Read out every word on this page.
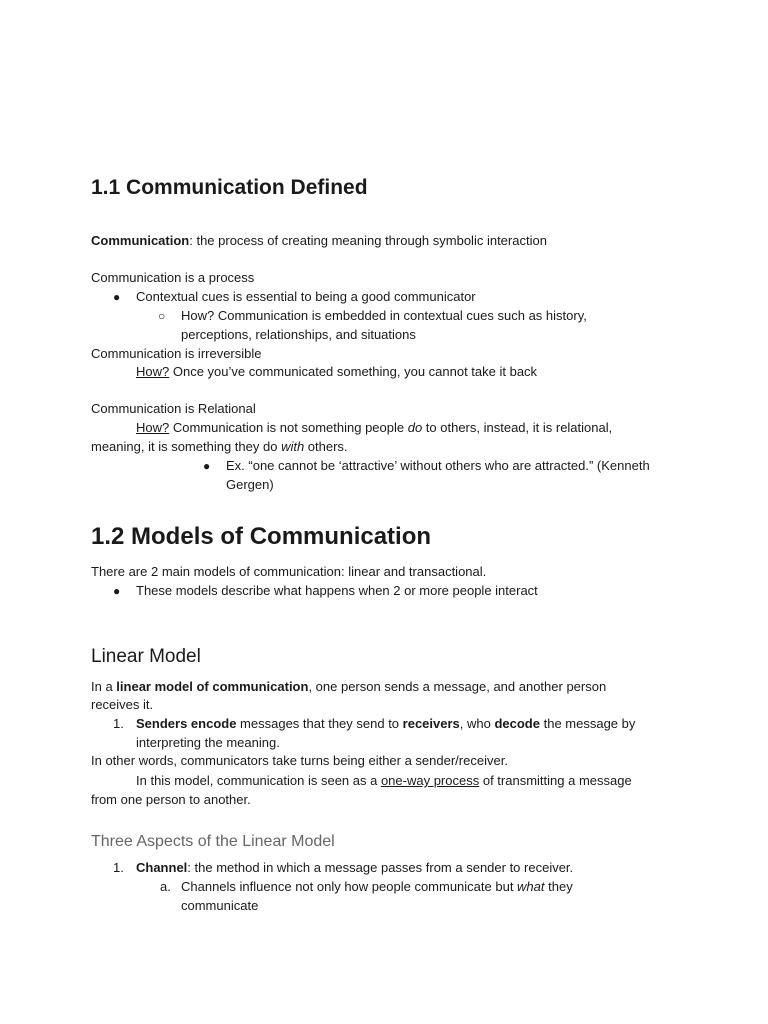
1.1 Communication Defined
Communication: the process of creating meaning through symbolic interaction
Communication is a process
● Contextual cues is essential to being a good communicator
○ How? Communication is embedded in contextual cues such as history,
perceptions, relationships, and situations
Communication is irreversible
How? Once you’ve communicated something, you cannot take it back
Communication is Relational
How? Communication is not something people do to others, instead, it is relational,
meaning, it is something they do with others.
● Ex. “one cannot be ‘attractive’ without others who are attracted.” (Kenneth
Gergen)
1.2 Models of Communication
There are 2 main models of communication: linear and transactional.
● These models describe what happens when 2 or more people interact
Linear Model
In a linear model of communication, one person sends a message, and another person
receives it.
1. Senders encode messages that they send to receivers, who decode the message by
interpreting the meaning.
In other words, communicators take turns being either a sender/receiver.
In this model, communication is seen as a one-way process of transmitting a message
from one person to another.
Three Aspects of the Linear Model
1. Channel: the method in which a message passes from a sender to receiver.
a. Channels influence not only how people communicate but what they
communicate
